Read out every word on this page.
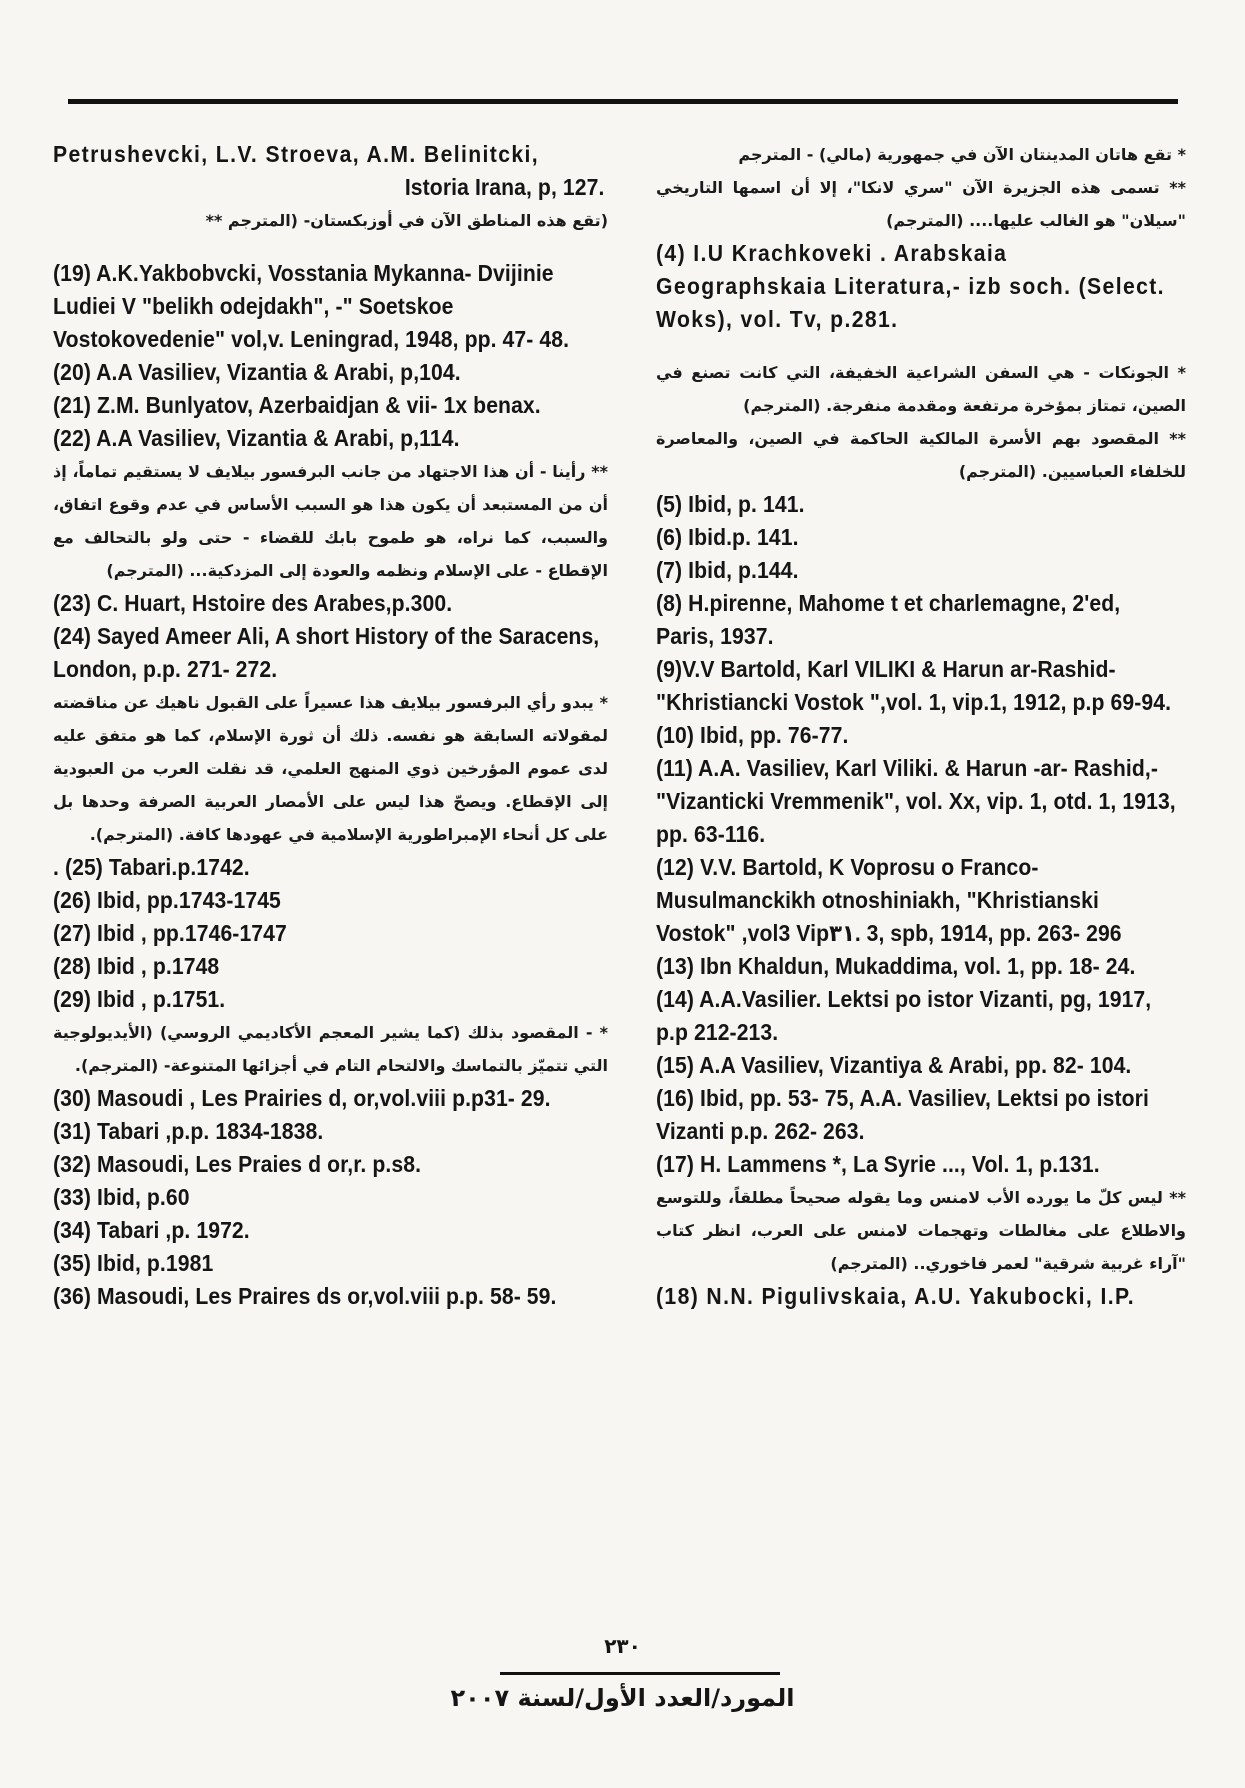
Petrushevcki, L.V. Stroeva, A.M. Belinitcki,
Istoria Irana, p, 127.
(تقع هذه المناطق الآن في أوزبكستان- (المترجم **
(19) A.K.Yakbobvcki, Vosstania Mykanna- Dvijinie Ludiei V "belikh odejdakh", -" Soetskoe Vostokovedenie" vol,v. Leningrad, 1948, pp. 47- 48.
(20) A.A Vasiliev, Vizantia & Arabi, p,104.
(21) Z.M. Bunlyatov, Azerbaidjan & vii- 1x benax.
(22) A.A Vasiliev, Vizantia & Arabi, p,114.
** رأينا - أن هذا الاجتهاد من جانب البرفسور بيلايف لا يستقيم تماماً، إذ أن من المستبعد أن يكون هذا هو السبب الأساس في عدم وقوع اتفاق، والسبب، كما نراه، هو طموح بابك للقضاء - حتى ولو بالتحالف مع الإقطاع - على الإسلام ونظمه والعودة إلى المزدكية... (المترجم)
(23) C. Huart, Hstoire des Arabes,p.300.
(24) Sayed Ameer Ali, A short History of the Saracens, London, p.p. 271- 272.
* يبدو رأي البرفسور بيلايف هذا عسيراً على القبول ناهيك عن مناقضته لمقولاته السابقة هو نفسه. ذلك أن ثورة الإسلام، كما هو متفق عليه لدى عموم المؤرخين ذوي المنهج العلمي، قد نقلت العرب من العبودية إلى الإقطاع. ويصحّ هذا ليس على الأمصار العربية الصرفة وحدها بل على كل أنحاء الإمبراطورية الإسلامية في عهودها كافة. (المترجم).
. (25) Tabari.p.1742.
(26) Ibid, pp.1743-1745
(27) Ibid , pp.1746-1747
(28) Ibid , p.1748
(29) Ibid , p.1751.
* - المقصود بذلك (كما يشير المعجم الأكاديمي الروسي) (الأيديولوجية التي تتميّز بالتماسك والالتحام التام في أجزائها المتنوعة- (المترجم).
(30) Masoudi , Les Prairies d, or,vol.viii p.p31- 29.
(31) Tabari ,p.p. 1834-1838.
(32) Masoudi, Les Praies d or,r. p.s8.
(33) Ibid, p.60
(34) Tabari ,p. 1972.
(35) Ibid, p.1981
(36) Masoudi, Les Praires ds or,vol.viii p.p. 58- 59.
* تقع هاتان المدينتان الآن في جمهورية (مالي) - المترجم
** تسمى هذه الجزيرة الآن "سري لانكا"، إلا أن اسمها التاريخي "سيلان" هو الغالب عليها.... (المترجم)
(4) I.U Krachkoveki . Arabskaia Geographskaia Literatura,- izb soch. (Select. Woks), vol. Tv, p.281.
* الجونكات - هي السفن الشراعية الخفيفة، التي كانت تصنع في الصين، تمتاز بمؤخرة مرتفعة ومقدمة منفرجة. (المترجم)
** المقصود بهم الأسرة المالكية الحاكمة في الصين، والمعاصرة للخلفاء العباسيين. (المترجم)
(5) Ibid, p. 141.
(6) Ibid.p. 141.
(7) Ibid, p.144.
(8) H.pirenne, Mahome t et charlemagne, 2'ed, Paris, 1937.
(9)V.V Bartold, Karl VILIKI & Harun ar-Rashid- "Khristiancki Vostok ",vol. 1, vip.1, 1912, p.p 69-94.
(10) Ibid, pp. 76-77.
(11) A.A. Vasiliev, Karl Viliki. & Harun -ar- Rashid,- "Vizanticki Vremmenik", vol. Xx, vip. 1, otd. 1, 1913, pp. 63-116.
(12) V.V. Bartold, K Voprosu o Franco- Musulmanckikh otnoshiniakh, "Khristianski Vostok" ,vol3 Vip٣١. 3, spb, 1914, pp. 263- 296
(13) Ibn Khaldun, Mukaddima, vol. 1, pp. 18- 24.
(14) A.A.Vasilier. Lektsi po istor Vizanti, pg, 1917, p.p 212-213.
(15) A.A Vasiliev, Vizantiya & Arabi, pp. 82- 104.
(16) Ibid, pp. 53- 75, A.A. Vasiliev, Lektsi po istori Vizanti p.p. 262- 263.
(17) H. Lammens *, La Syrie ..., Vol. 1, p.131.
** ليس كلّ ما يورده الأب لامنس وما يقوله صحيحاً مطلقاً، وللتوسع والاطلاع على مغالطات وتهجمات لامنس على العرب، انظر كتاب "آراء غربية شرقية" لعمر فاخوري.. (المترجم)
(18) N.N. Pigulivskaia, A.U. Yakubocki, I.P.
٢٣٠
المورد/العدد الأول/لسنة ٢٠٠٧
